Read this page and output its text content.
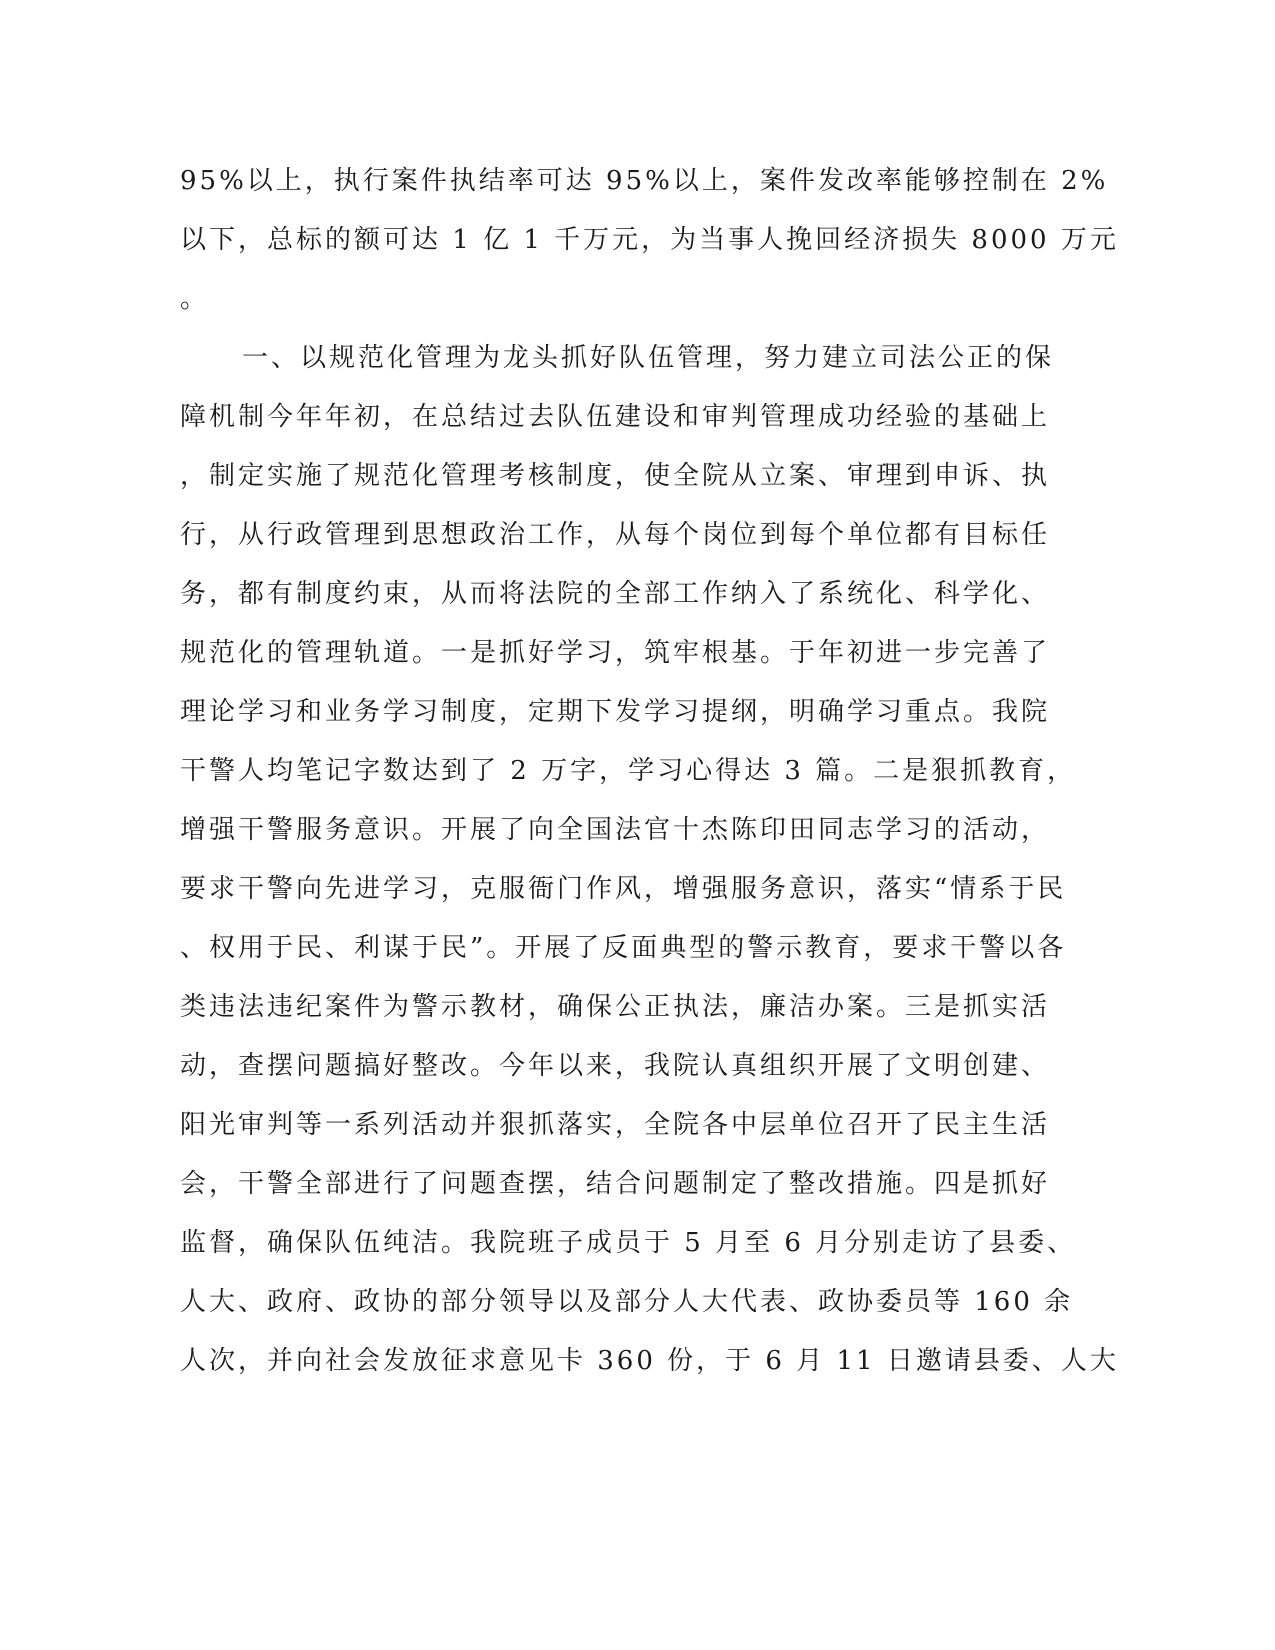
95%以上，执行案件执结率可达 95%以上，案件发改率能够控制在 2%
以下，总标的额可达 1 亿 1 千万元，为当事人挽回经济损失 8000 万元
。
一、以规范化管理为龙头抓好队伍管理，努力建立司法公正的保
障机制今年年初，在总结过去队伍建设和审判管理成功经验的基础上
，制定实施了规范化管理考核制度，使全院从立案、审理到申诉、执
行，从行政管理到思想政治工作，从每个岗位到每个单位都有目标任
务，都有制度约束，从而将法院的全部工作纳入了系统化、科学化、
规范化的管理轨道。一是抓好学习，筑牢根基。于年初进一步完善了
理论学习和业务学习制度，定期下发学习提纲，明确学习重点。我院
干警人均笔记字数达到了 2 万字，学习心得达 3 篇。二是狠抓教育，
增强干警服务意识。开展了向全国法官十杰陈印田同志学习的活动，
要求干警向先进学习，克服衙门作风，增强服务意识，落实“情系于民
、权用于民、利谋于民”。开展了反面典型的警示教育，要求干警以各
类违法违纪案件为警示教材，确保公正执法，廉洁办案。三是抓实活
动，查摆问题搞好整改。今年以来，我院认真组织开展了文明创建、
阳光审判等一系列活动并狠抓落实，全院各中层单位召开了民主生活
会，干警全部进行了问题查摆，结合问题制定了整改措施。四是抓好
监督，确保队伍纯洁。我院班子成员于 5 月至 6 月分别走访了县委、
人大、政府、政协的部分领导以及部分人大代表、政协委员等 160 余
人次，并向社会发放征求意见卡 360 份，于 6 月 11 日邀请县委、人大
